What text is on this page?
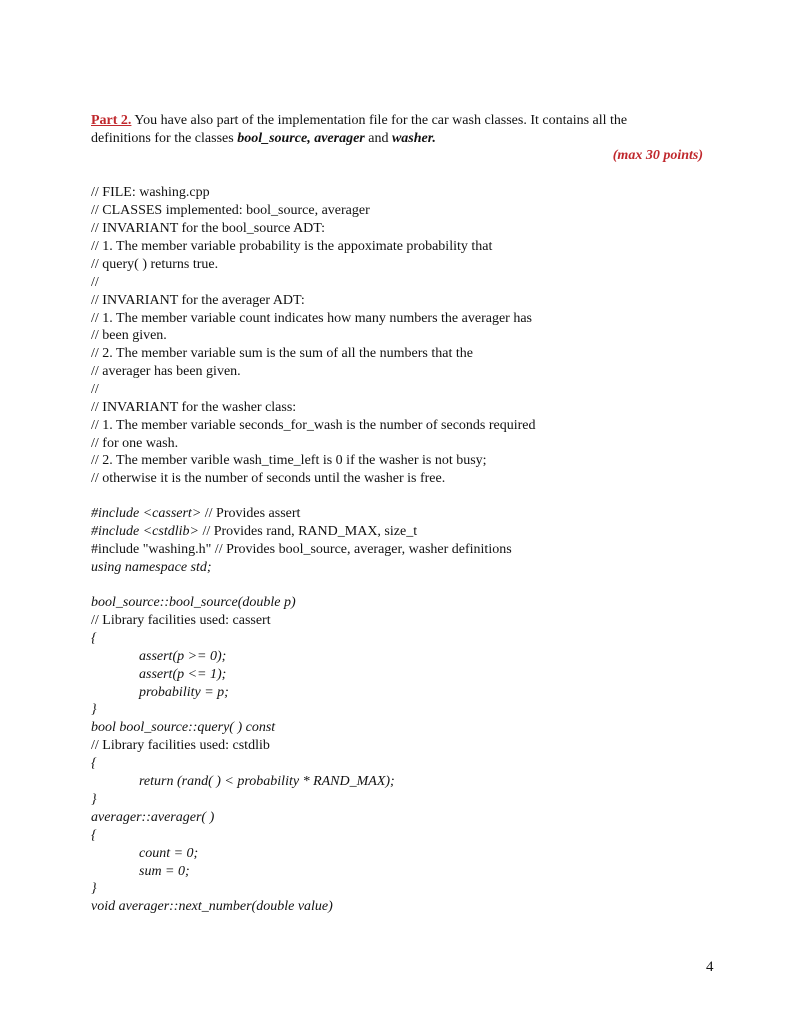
Part 2. You have also part of the implementation file for the car wash classes. It contains all the
definitions for the classes bool_source, averager and washer.
(max 30 points)
// FILE: washing.cpp
// CLASSES implemented: bool_source, averager
// INVARIANT for the bool_source ADT:
// 1. The member variable probability is the appoximate probability that
// query( ) returns true.
//
// INVARIANT for the averager ADT:
// 1. The member variable count indicates how many numbers the averager has
// been given.
// 2. The member variable sum is the sum of all the numbers that the
// averager has been given.
//
// INVARIANT for the washer class:
// 1. The member variable seconds_for_wash is the number of seconds required
// for one wash.
// 2. The member varible wash_time_left is 0 if the washer is not busy;
// otherwise it is the number of seconds until the washer is free.
#include <cassert> // Provides assert
#include <cstdlib> // Provides rand, RAND_MAX, size_t
#include "washing.h" // Provides bool_source, averager, washer definitions
using namespace std;
bool_source::bool_source(double p)
// Library facilities used: cassert
{
assert(p >= 0);
assert(p <= 1);
probability = p;
}
bool bool_source::query( ) const
// Library facilities used: cstdlib
{
return (rand( ) < probability * RAND_MAX);
}
averager::averager( )
{
count = 0;
sum = 0;
}
void averager::next_number(double value)
4
